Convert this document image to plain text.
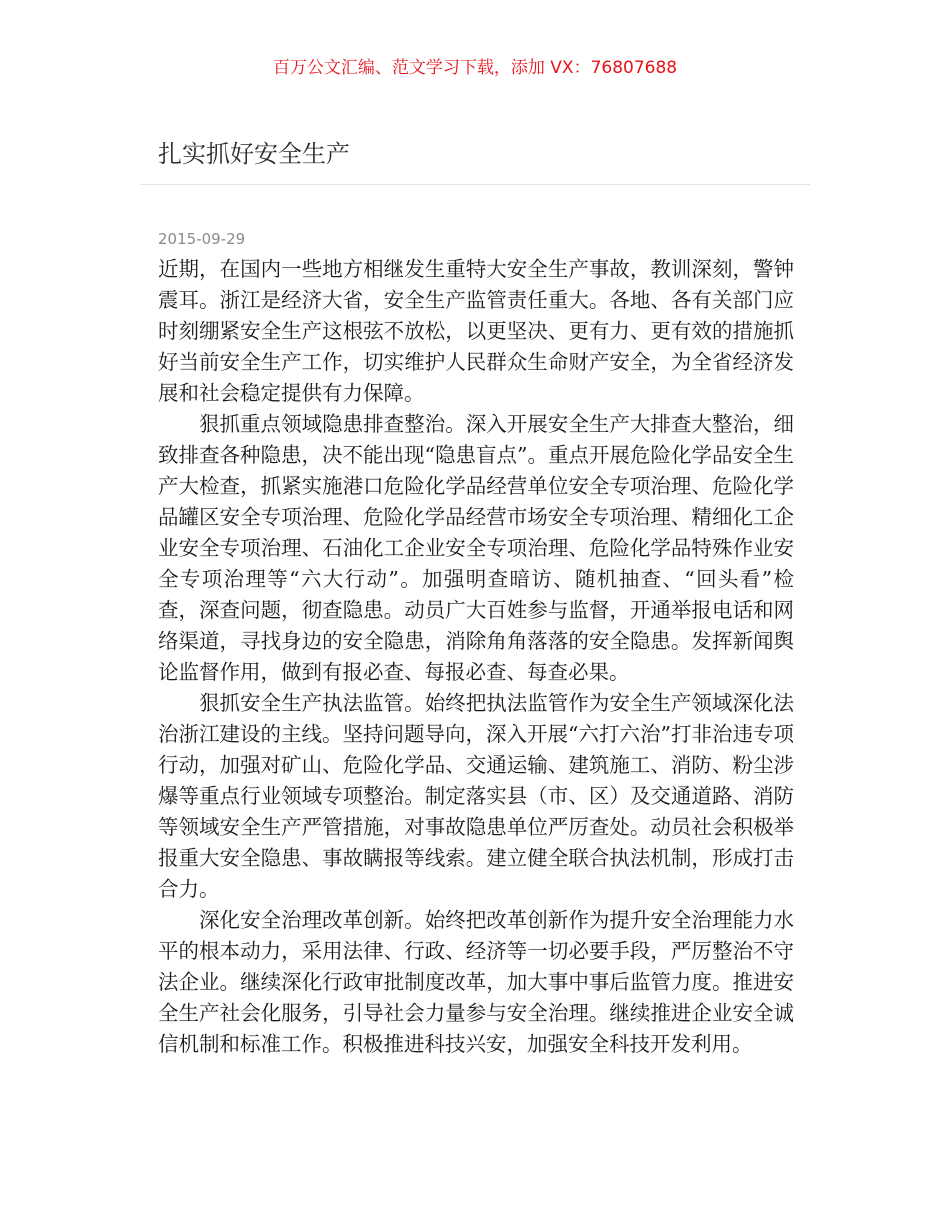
百万公文汇编、范文学习下载，添加 VX：76807688
扎实抓好安全生产
2015-09-29

近期，在国内一些地方相继发生重特大安全生产事故，教训深刻，警钟震耳。浙江是经济大省，安全生产监管责任重大。各地、各有关部门应时刻绷紧安全生产这根弦不放松，以更坚决、更有力、更有效的措施抓好当前安全生产工作，切实维护人民群众生命财产安全，为全省经济发展和社会稳定提供有力保障。

狠抓重点领域隐患排查整治。深入开展安全生产大排查大整治，细致排查各种隐患，决不能出现“隐患盲点”。重点开展危险化学品安全生产大检查，抓紧实施港口危险化学品经营单位安全专项治理、危险化学品罐区安全专项治理、危险化学品经营市场安全专项治理、精细化工企业安全专项治理、石油化工企业安全专项治理、危险化学品特殊作业安全专项治理等“六大行动”。加强明查暗访、随机抽查、“回头看”检查，深查问题，彻查隐患。动员广大百姓参与监督，开通举报电话和网络渠道，寻找身边的安全隐患，消除角角落落的安全隐患。发挥新闻舆论监督作用，做到有报必查、每报必查、每查必果。

狠抓安全生产执法监管。始终把执法监管作为安全生产领域深化法治浙江建设的主线。坚持问题导向，深入开展“六打六治”打非治违专项行动，加强对矿山、危险化学品、交通运输、建筑施工、消防、粉尘涉爆等重点行业领域专项整治。制定落实县（市、区）及交通道路、消防等领域安全生产严管措施，对事故隐患单位严厉查处。动员社会积极举报重大安全隐患、事故瞒报等线索。建立健全联合执法机制，形成打击合力。

深化安全治理改革创新。始终把改革创新作为提升安全治理能力水平的根本动力，采用法律、行政、经济等一切必要手段，严厉整治不守法企业。继续深化行政审批制度改革，加大事中事后监管力度。推进安全生产社会化服务，引导社会力量参与安全治理。继续推进企业安全诚信机制和标准工作。积极推进科技兴安，加强安全科技开发利用。
